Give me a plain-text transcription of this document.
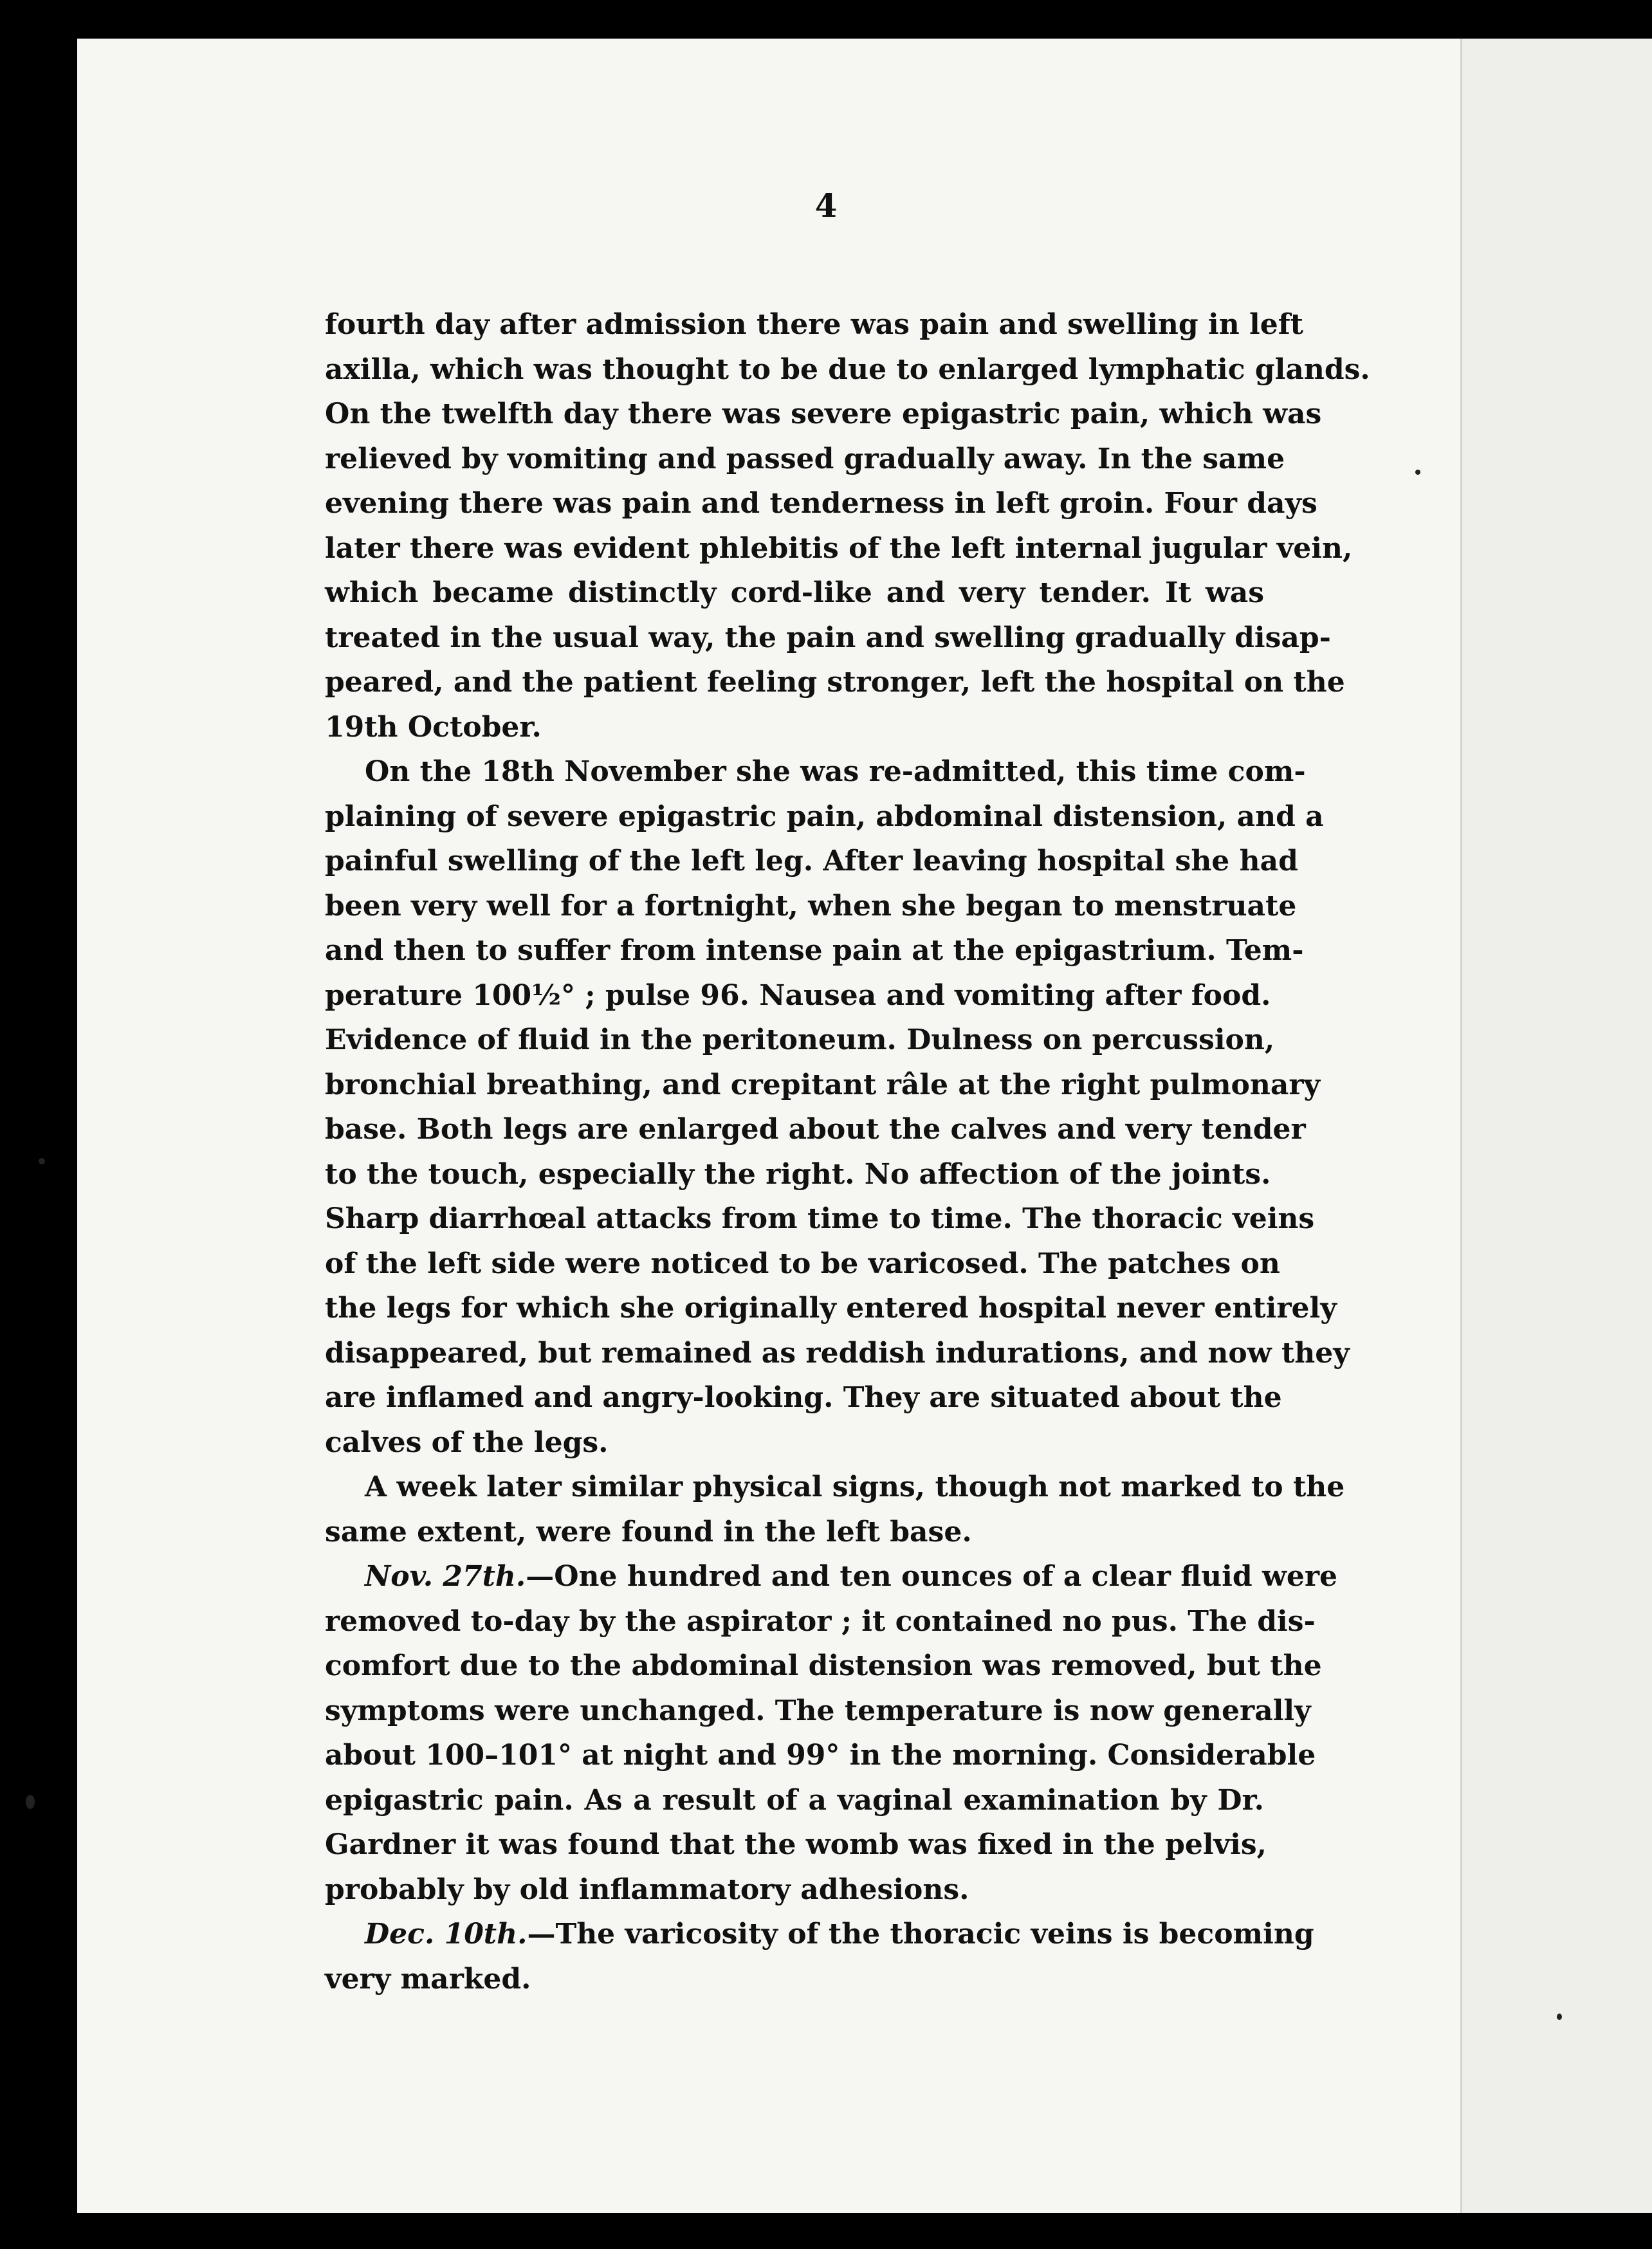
4

fourth day after admission there was pain and swelling in left
axilla, which was thought to be due to enlarged lymphatic glands.
On the twelfth day there was severe epigastric pain, which was
relieved by vomiting and passed gradually away. In the same
evening there was pain and tenderness in left groin. Four days
later there was evident phlebitis of the left internal jugular vein,
which became distinctly cord-like and very tender. It was
treated in the usual way, the pain and swelling gradually disap-
peared, and the patient feeling stronger, left the hospital on the
19th October.

On the 18th November she was re-admitted, this time com-
plaining of severe epigastric pain, abdominal distension, and a
painful swelling of the left leg. After leaving hospital she had
been very well for a fortnight, when she began to menstruate
and then to suffer from intense pain at the epigastrium. Tem-
perature 100½° ; pulse 96. Nausea and vomiting after food.
Evidence of fluid in the peritoneum. Dulness on percussion,
bronchial breathing, and crepitant râle at the right pulmonary
base. Both legs are enlarged about the calves and very tender
to the touch, especially the right. No affection of the joints.
Sharp diarrhœal attacks from time to time. The thoracic veins
of the left side were noticed to be varicosed. The patches on
the legs for which she originally entered hospital never entirely
disappeared, but remained as reddish indurations, and now they
are inflamed and angry-looking. They are situated about the
calves of the legs.

A week later similar physical signs, though not marked to the
same extent, were found in the left base.

Nov. 27th.—One hundred and ten ounces of a clear fluid were
removed to-day by the aspirator ; it contained no pus. The dis-
comfort due to the abdominal distension was removed, but the
symptoms were unchanged. The temperature is now generally
about 100–101° at night and 99° in the morning. Considerable
epigastric pain. As a result of a vaginal examination by Dr.
Gardner it was found that the womb was fixed in the pelvis,
probably by old inflammatory adhesions.

Dec. 10th.—The varicosity of the thoracic veins is becoming
very marked.
